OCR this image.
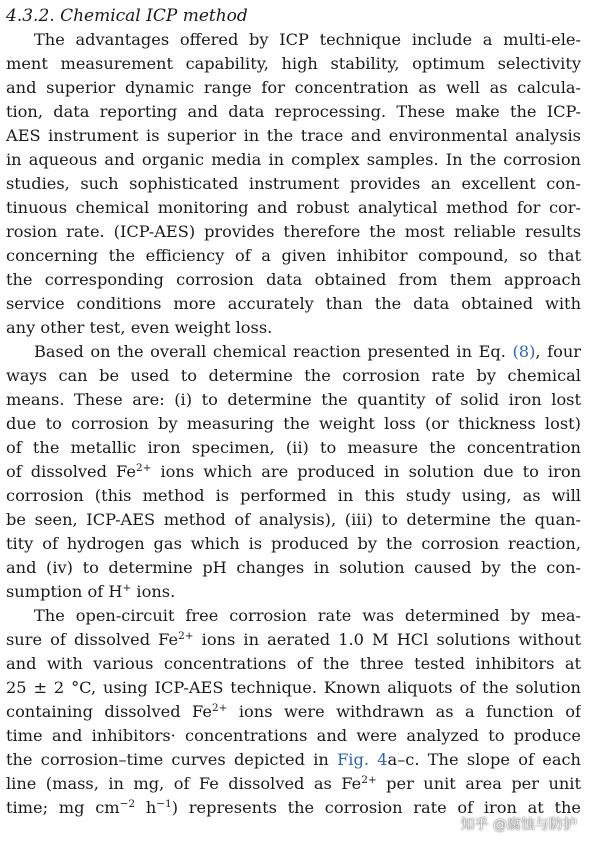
4.3.2. Chemical ICP method
The advantages offered by ICP technique include a multi-ele-
ment measurement capability, high stability, optimum selectivity
and superior dynamic range for concentration as well as calcula-
tion, data reporting and data reprocessing. These make the ICP-
AES instrument is superior in the trace and environmental analysis
in aqueous and organic media in complex samples. In the corrosion
studies, such sophisticated instrument provides an excellent con-
tinuous chemical monitoring and robust analytical method for cor-
rosion rate. (ICP-AES) provides therefore the most reliable results
concerning the efficiency of a given inhibitor compound, so that
the corresponding corrosion data obtained from them approach
service conditions more accurately than the data obtained with
any other test, even weight loss.
Based on the overall chemical reaction presented in Eq. (8), four
ways can be used to determine the corrosion rate by chemical
means. These are: (i) to determine the quantity of solid iron lost
due to corrosion by measuring the weight loss (or thickness lost)
of the metallic iron specimen, (ii) to measure the concentration
of dissolved $Fe^{2+}$ ions which are produced in solution due to iron
corrosion (this method is performed in this study using, as will
be seen, ICP-AES method of analysis), (iii) to determine the quan-
tity of hydrogen gas which is produced by the corrosion reaction,
and (iv) to determine pH changes in solution caused by the con-
sumption of H+ ions.
The open-circuit free corrosion rate was determined by mea-
sure of dissolved $Fe^{2+}$ ions in aerated 1.0 M HCl solutions without
and with various concentrations of the three tested inhibitors at
25 ± 2 °C, using ICP-AES technique. Known aliquots of the solution
containing dissolved $Fe^{2+}$ ions were withdrawn as a function of
time and inhibitors· concentrations and were analyzed to produce
the corrosion–time curves depicted in Fig. 4a–c. The slope of each
line (mass, in mg, of Fe dissolved as $Fe^{2+}$ per unit area per unit
time; mg $cm^{-2}$ $h^{-1}$) represents the corrosion rate of iron at the
知乎 @腐蚀与防护
